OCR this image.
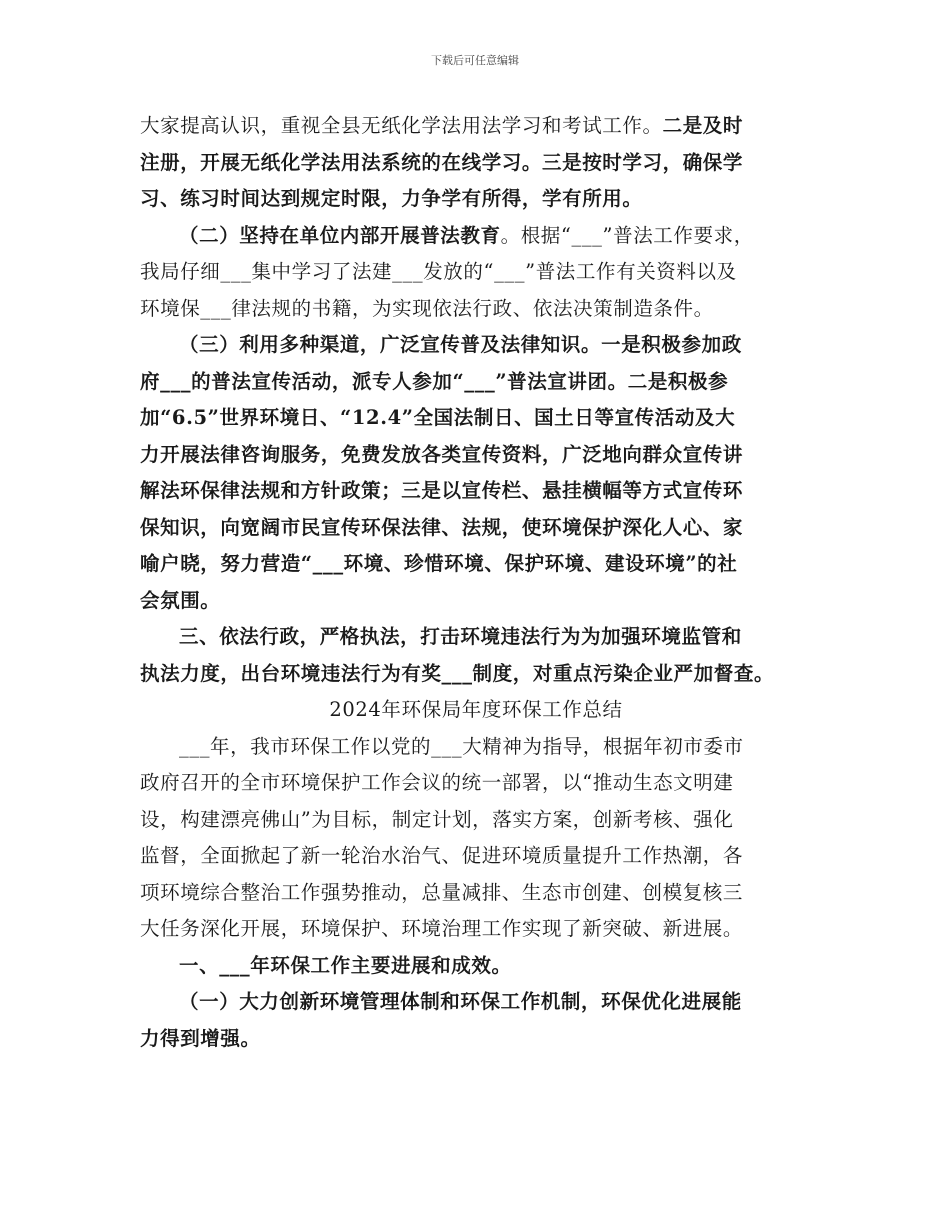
下载后可任意编辑
大家提高认识，重视全县无纸化学法用法学习和考试工作。二是及时
注册，开展无纸化学法用法系统的在线学习。三是按时学习，确保学
习、练习时间达到规定时限，力争学有所得，学有所用。
（二）坚持在单位内部开展普法教育。根据“___”普法工作要求，
我局仔细___集中学习了法建___发放的“___”普法工作有关资料以及
环境保___律法规的书籍，为实现依法行政、依法决策制造条件。
（三）利用多种渠道，广泛宣传普及法律知识。一是积极参加政
府___的普法宣传活动，派专人参加“___”普法宣讲团。二是积极参
加“6.5”世界环境日、“12.4”全国法制日、国土日等宣传活动及大
力开展法律咨询服务，免费发放各类宣传资料，广泛地向群众宣传讲
解法环保律法规和方针政策；三是以宣传栏、悬挂横幅等方式宣传环
保知识，向宽阔市民宣传环保法律、法规，使环境保护深化人心、家
喻户晓，努力营造“___环境、珍惜环境、保护环境、建设环境”的社
会氛围。
三、依法行政，严格执法，打击环境违法行为为加强环境监管和
执法力度，出台环境违法行为有奖___制度，对重点污染企业严加督查。
2024年环保局年度环保工作总结
___年，我市环保工作以党的___大精神为指导，根据年初市委市
政府召开的全市环境保护工作会议的统一部署，以“推动生态文明建
设，构建漂亮佛山”为目标，制定计划，落实方案，创新考核、强化
监督，全面掀起了新一轮治水治气、促进环境质量提升工作热潮，各
项环境综合整治工作强势推动，总量减排、生态市创建、创模复核三
大任务深化开展，环境保护、环境治理工作实现了新突破、新进展。
一、___年环保工作主要进展和成效。
（一）大力创新环境管理体制和环保工作机制，环保优化进展能
力得到增强。
